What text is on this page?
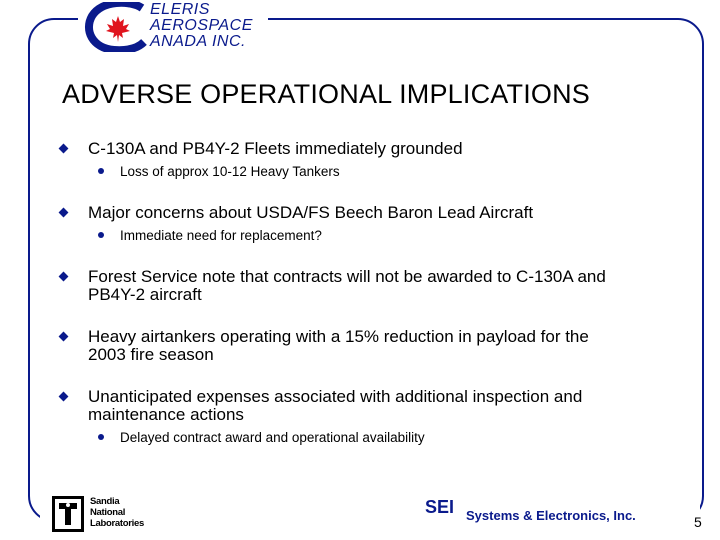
ELERIS
AEROSPACE
ANADA INC.
ADVERSE OPERATIONAL IMPLICATIONS
C-130A and PB4Y-2 Fleets immediately grounded
Loss of approx 10-12 Heavy Tankers
Major concerns about USDA/FS Beech Baron Lead Aircraft
Immediate need for replacement?
Forest Service note that contracts will not be awarded to C-130A and
PB4Y-2 aircraft
Heavy airtankers operating with a 15% reduction in payload for the
2003 fire season
Unanticipated expenses associated with additional inspection and
maintenance actions
Delayed contract award and operational availability
Sandia
National
Laboratories
SEI Systems & Electronics, Inc.	5
